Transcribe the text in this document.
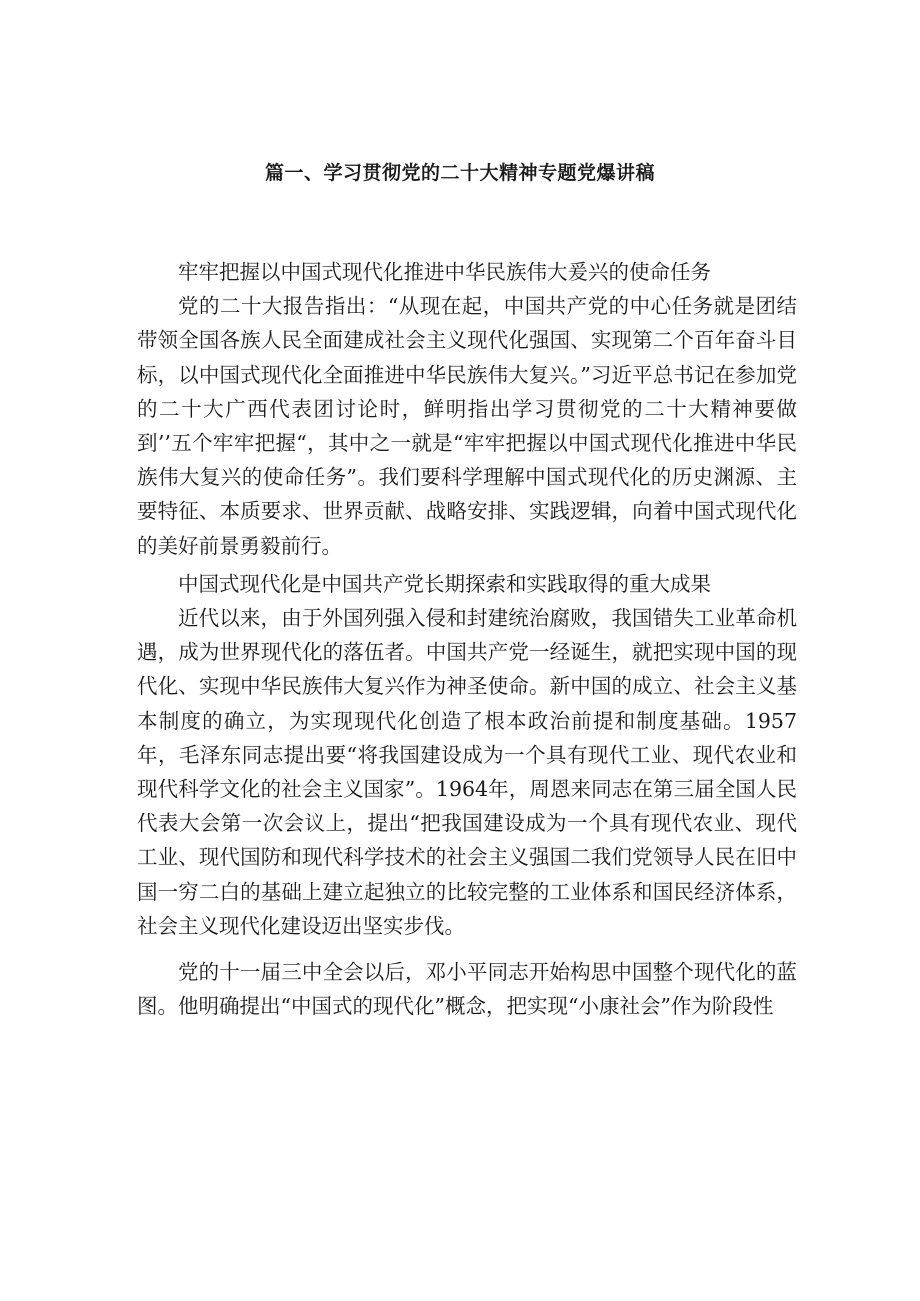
篇一、学习贯彻党的二十大精神专题党爆讲稿

牢牢把握以中国式现代化推进中华民族伟大爰兴的使命任务

党的二十大报告指出：“从现在起，中国共产党的中心任务就是团结带领全国各族人民全面建成社会主义现代化强国、实现第二个百年奋斗目标，以中国式现代化全面推进中华民族伟大复兴。”习近平总书记在参加党的二十大广西代表团讨论时，鲜明指出学习贯彻党的二十大精神要做到’’五个牢牢把握“，其中之一就是“牢牢把握以中国式现代化推进中华民族伟大复兴的使命任务”。我们要科学理解中国式现代化的历史渊源、主要特征、本质要求、世界贡献、战略安排、实践逻辑，向着中国式现代化的美好前景勇毅前行。

中国式现代化是中国共产党长期探索和实践取得的重大成果

近代以来，由于外国列强入侵和封建统治腐败，我国错失工业革命机遇，成为世界现代化的落伍者。中国共产党一经诞生，就把实现中国的现代化、实现中华民族伟大复兴作为神圣使命。新中国的成立、社会主义基本制度的确立，为实现现代化创造了根本政治前提和制度基础。1957年，毛泽东同志提出要“将我国建设成为一个具有现代工业、现代农业和现代科学文化的社会主义国家”。1964年，周恩来同志在第三届全国人民代表大会第一次会议上，提出“把我国建设成为一个具有现代农业、现代工业、现代国防和现代科学技术的社会主义强国二我们党领导人民在旧中国一穷二白的基础上建立起独立的比较完整的工业体系和国民经济体系，社会主义现代化建设迈出坚实步伐。

党的十一届三中全会以后，邓小平同志开始构思中国整个现代化的蓝图。他明确提出“中国式的现代化”概念，把实现“小康社会”作为阶段性
